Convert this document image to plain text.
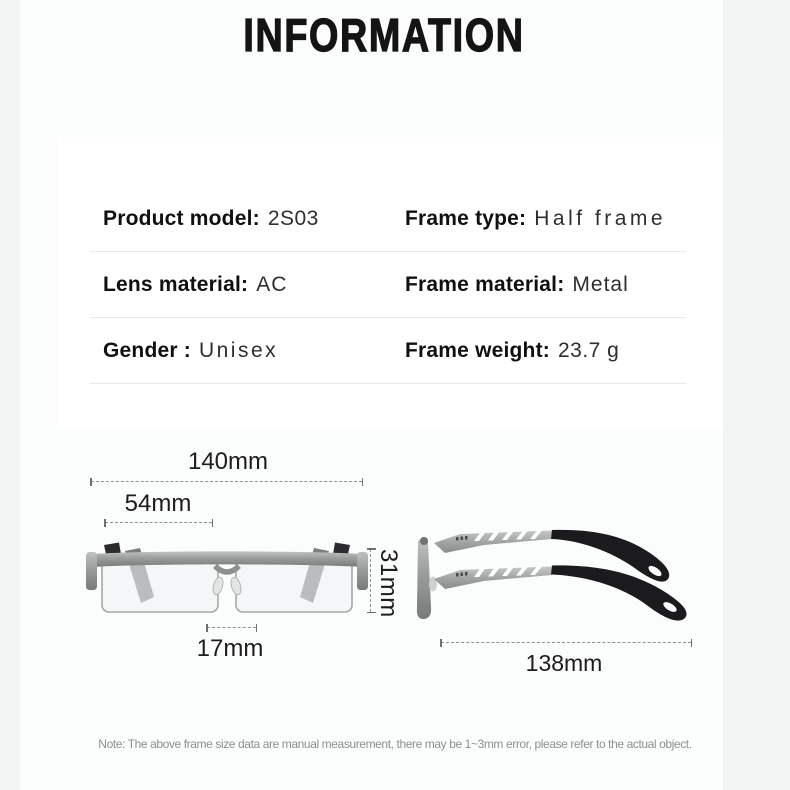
INFORMATION
Product model: 2S03	Frame type: Half frame
Lens material: AC	Frame material: Metal
Gender : Unisex	Frame weight: 23.7 g
140mm
54mm
31mm
17mm
138mm
Note: The above frame size data are manual measurement, there may be 1~3mm error, please refer to the actual object.
